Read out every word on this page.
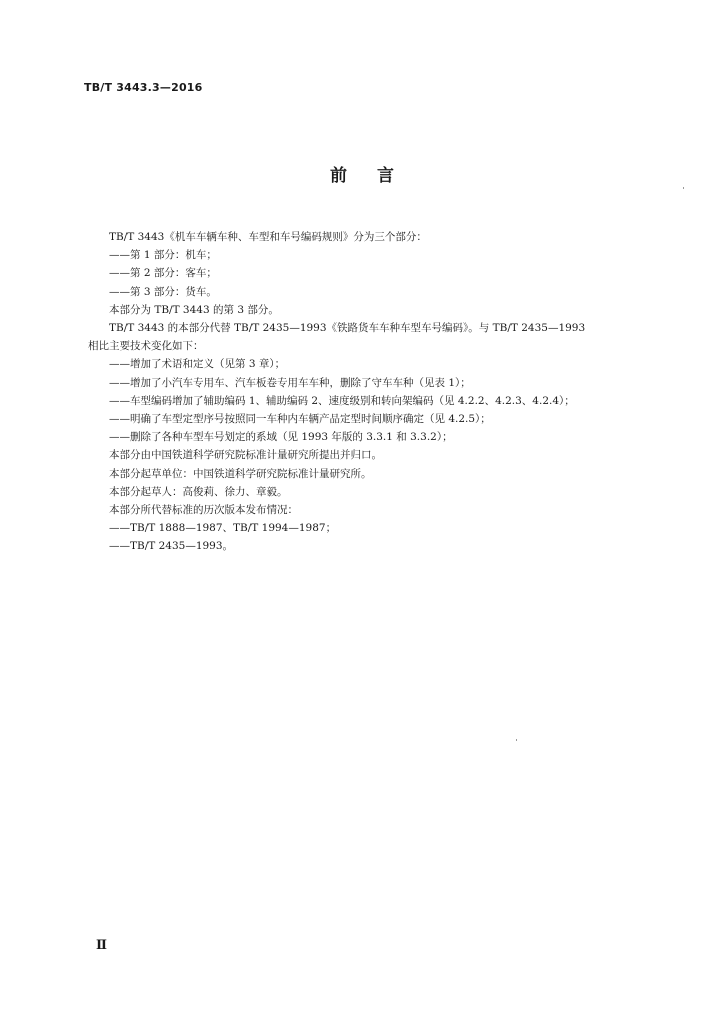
TB/T 3443.3—2016
前言
TB/T 3443《机车车辆车种、车型和车号编码规则》分为三个部分：
——第 1 部分：机车；
——第 2 部分：客车；
——第 3 部分：货车。
本部分为 TB/T 3443 的第 3 部分。
TB/T 3443 的本部分代替 TB/T 2435—1993《铁路货车车种车型车号编码》。与 TB/T 2435—1993
相比主要技术变化如下：
——增加了术语和定义（见第 3 章）；
——增加了小汽车专用车、汽车板卷专用车车种，删除了守车车种（见表 1）；
——车型编码增加了辅助编码 1、辅助编码 2、速度级别和转向架编码（见 4.2.2、4.2.3、4.2.4）；
——明确了车型定型序号按照同一车种内车辆产品定型时间顺序确定（见 4.2.5）；
——删除了各种车型车号划定的系域（见 1993 年版的 3.3.1 和 3.3.2）；
本部分由中国铁道科学研究院标准计量研究所提出并归口。
本部分起草单位：中国铁道科学研究院标准计量研究所。
本部分起草人：高俊莉、徐力、章毅。
本部分所代替标准的历次版本发布情况：
——TB/T 1888—1987、TB/T 1994—1987；
——TB/T 2435—1993。
Ⅱ
